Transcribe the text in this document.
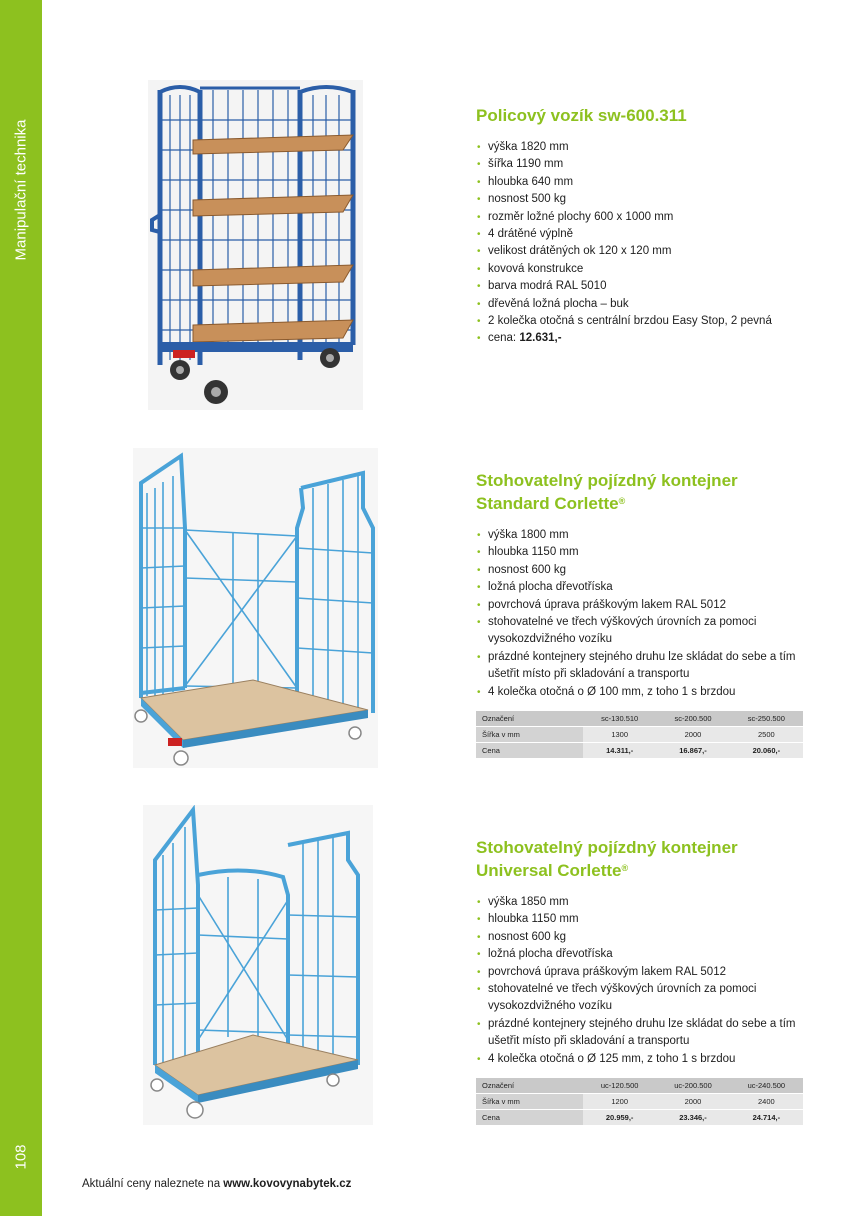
Manipulační technika
108
Policový vozík sw-600.311
• výška 1820 mm
• šířka 1190 mm
• hloubka 640 mm
• nosnost 500 kg
• rozměr ložné plochy 600 x 1000 mm
• 4 drátěné výplně
• velikost drátěných ok 120 x 120 mm
• kovová konstrukce
• barva modrá RAL 5010
• dřevěná ložná plocha – buk
• 2 kolečka otočná s centrální brzdou Easy Stop, 2 pevná
• cena: 12.631,-
Stohovatelný pojízdný kontejner
Standard Corlette®
• výška 1800 mm
• hloubka 1150 mm
• nosnost 600 kg
• ložná plocha dřevotříska
• povrchová úprava práškovým lakem RAL 5012
• stohovatelné ve třech výškových úrovních za pomoci vysokozdvižného vozíku
• prázdné kontejnery stejného druhu lze skládat do sebe a tím ušetřit místo při skladování a transportu
• 4 kolečka otočná o Ø 100 mm, z toho 1 s brzdou
Označení	sc-130.510	sc-200.500	sc-250.500
Šířka v mm	1300	2000	2500
Cena	14.311,-	16.867,-	20.060,-
Stohovatelný pojízdný kontejner
Universal Corlette®
• výška 1850 mm
• hloubka 1150 mm
• nosnost 600 kg
• ložná plocha dřevotříska
• povrchová úprava práškovým lakem RAL 5012
• stohovatelné ve třech výškových úrovních za pomoci vysokozdvižného vozíku
• prázdné kontejnery stejného druhu lze skládat do sebe a tím ušetřit místo při skladování a transportu
• 4 kolečka otočná o Ø 125 mm, z toho 1 s brzdou
Označení	uc-120.500	uc-200.500	uc-240.500
Šířka v mm	1200	2000	2400
Cena	20.959,-	23.346,-	24.714,-
Aktuální ceny naleznete na www.kovovynabytek.cz
